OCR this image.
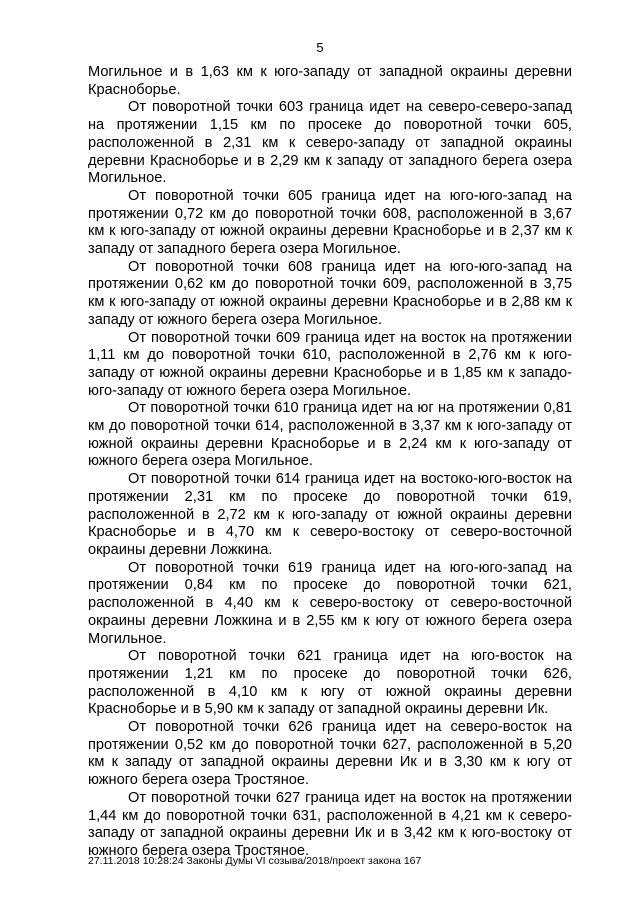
5

Могильное и в 1,63 км к юго-западу от западной окраины деревни Красноборье.

От поворотной точки 603 граница идет на северо-северо-запад на протяжении 1,15 км по просеке до поворотной точки 605, расположенной в 2,31 км к северо-западу от западной окраины деревни Красноборье и в 2,29 км к западу от западного берега озера Могильное.

От поворотной точки 605 граница идет на юго-юго-запад на протяжении 0,72 км до поворотной точки 608, расположенной в 3,67 км к юго-западу от южной окраины деревни Красноборье и в 2,37 км к западу от западного берега озера Могильное.

От поворотной точки 608 граница идет на юго-юго-запад на протяжении 0,62 км до поворотной точки 609, расположенной в 3,75 км к юго-западу от южной окраины деревни Красноборье и в 2,88 км к западу от южного берега озера Могильное.

От поворотной точки 609 граница идет на восток на протяжении 1,11 км до поворотной точки 610, расположенной в 2,76 км к юго-западу от южной окраины деревни Красноборье и в 1,85 км к западо-юго-западу от южного берега озера Могильное.

От поворотной точки 610 граница идет на юг на протяжении 0,81 км до поворотной точки 614, расположенной в 3,37 км к юго-западу от южной окраины деревни Красноборье и в 2,24 км к юго-западу от южного берега озера Могильное.

От поворотной точки 614 граница идет на востоко-юго-восток на протяжении 2,31 км по просеке до поворотной точки 619, расположенной в 2,72 км к юго-западу от южной окраины деревни Красноборье и в 4,70 км к северо-востоку от северо-восточной окраины деревни Ложкина.

От поворотной точки 619 граница идет на юго-юго-запад на протяжении 0,84 км по просеке до поворотной точки 621, расположенной в 4,40 км к северо-востоку от северо-восточной окраины деревни Ложкина и в 2,55 км к югу от южного берега озера Могильное.

От поворотной точки 621 граница идет на юго-восток на протяжении 1,21 км по просеке до поворотной точки 626, расположенной в 4,10 км к югу от южной окраины деревни Красноборье и в 5,90 км к западу от западной окраины деревни Ик.

От поворотной точки 626 граница идет на северо-восток на протяжении 0,52 км до поворотной точки 627, расположенной в 5,20 км к западу от западной окраины деревни Ик и в 3,30 км к югу от южного берега озера Тростяное.

От поворотной точки 627 граница идет на восток на протяжении 1,44 км до поворотной точки 631, расположенной в 4,21 км к северо-западу от западной окраины деревни Ик и в 3,42 км к юго-востоку от южного берега озера Тростяное.

27.11.2018 10:28:24 Законы Думы VI созыва/2018/проект закона 167
